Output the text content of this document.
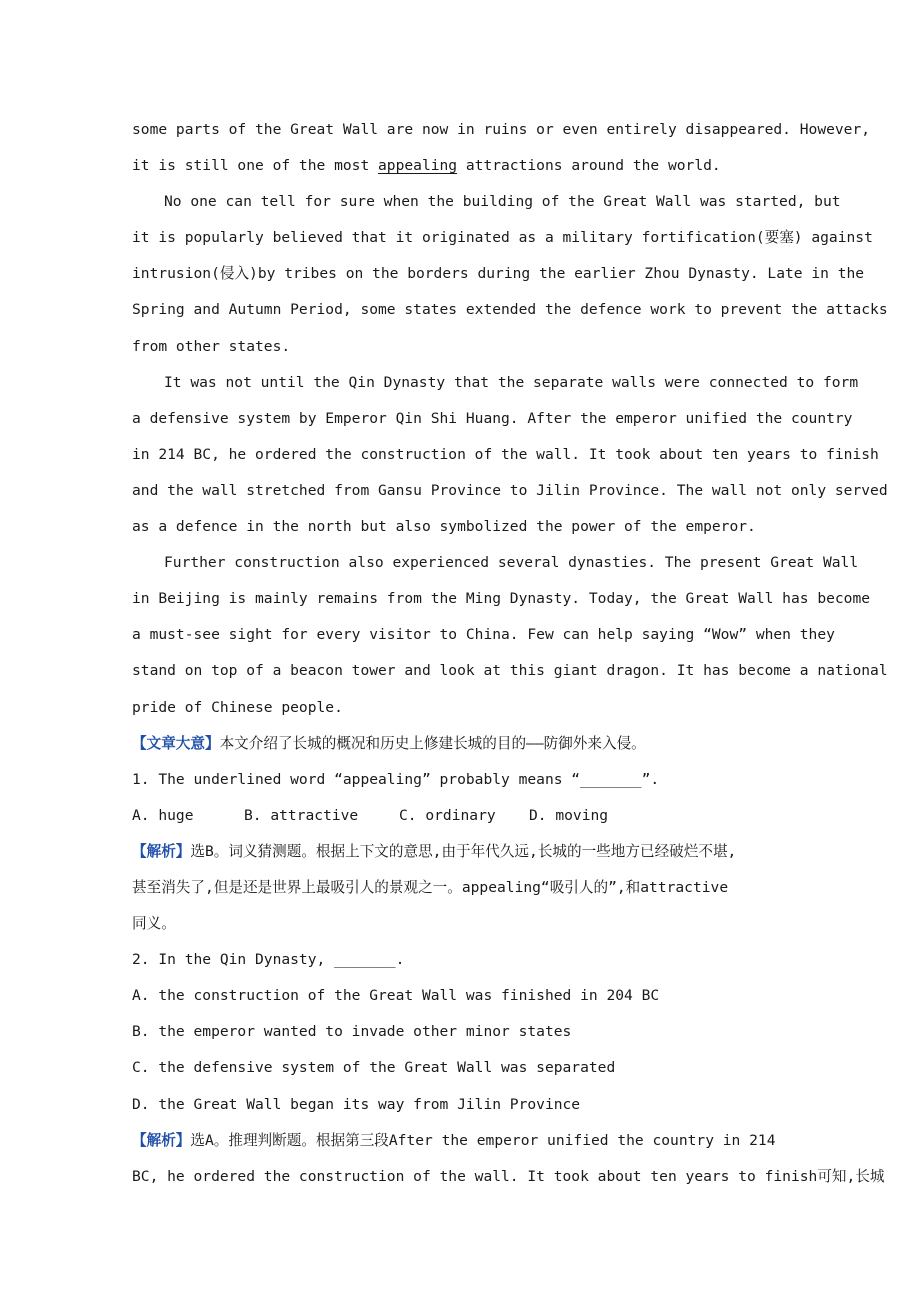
some parts of the Great Wall are now in ruins or even entirely disappeared. However,
it is still one of the most appealing attractions around the world.
No one can tell for sure when the building of the Great Wall was started, but
it is popularly believed that it originated as a military fortification(要塞) against
intrusion(侵入)by tribes on the borders during the earlier Zhou Dynasty. Late in the
Spring and Autumn Period, some states extended the defence work to prevent the attacks
from other states.
It was not until the Qin Dynasty that the separate walls were connected to form
a defensive system by Emperor Qin Shi Huang. After the emperor unified the country
in 214 BC, he ordered the construction of the wall. It took about ten years to finish
and the wall stretched from Gansu Province to Jilin Province. The wall not only served
as a defence in the north but also symbolized the power of the emperor.
Further construction also experienced several dynasties. The present Great Wall
in Beijing is mainly remains from the Ming Dynasty. Today, the Great Wall has become
a must-see sight for every visitor to China. Few can help saying “Wow” when they
stand on top of a beacon tower and look at this giant dragon. It has become a national
pride of Chinese people.
【文章大意】本文介绍了长城的概况和历史上修建长城的目的——防御外来入侵。
1. The underlined word “appealing” probably means “_______”.
A. huge	B. attractive	C. ordinary D. moving
【解析】选B。词义猜测题。根据上下文的意思,由于年代久远,长城的一些地方已经破烂不堪,
甚至消失了,但是还是世界上最吸引人的景观之一。appealing“吸引人的”,和attractive
同义。
2. In the Qin Dynasty, _______.
A. the construction of the Great Wall was finished in 204 BC
B. the emperor wanted to invade other minor states
C. the defensive system of the Great Wall was separated
D. the Great Wall began its way from Jilin Province
【解析】选A。推理判断题。根据第三段After the emperor unified the country in 214
BC, he ordered the construction of the wall. It took about ten years to finish可知,长城
